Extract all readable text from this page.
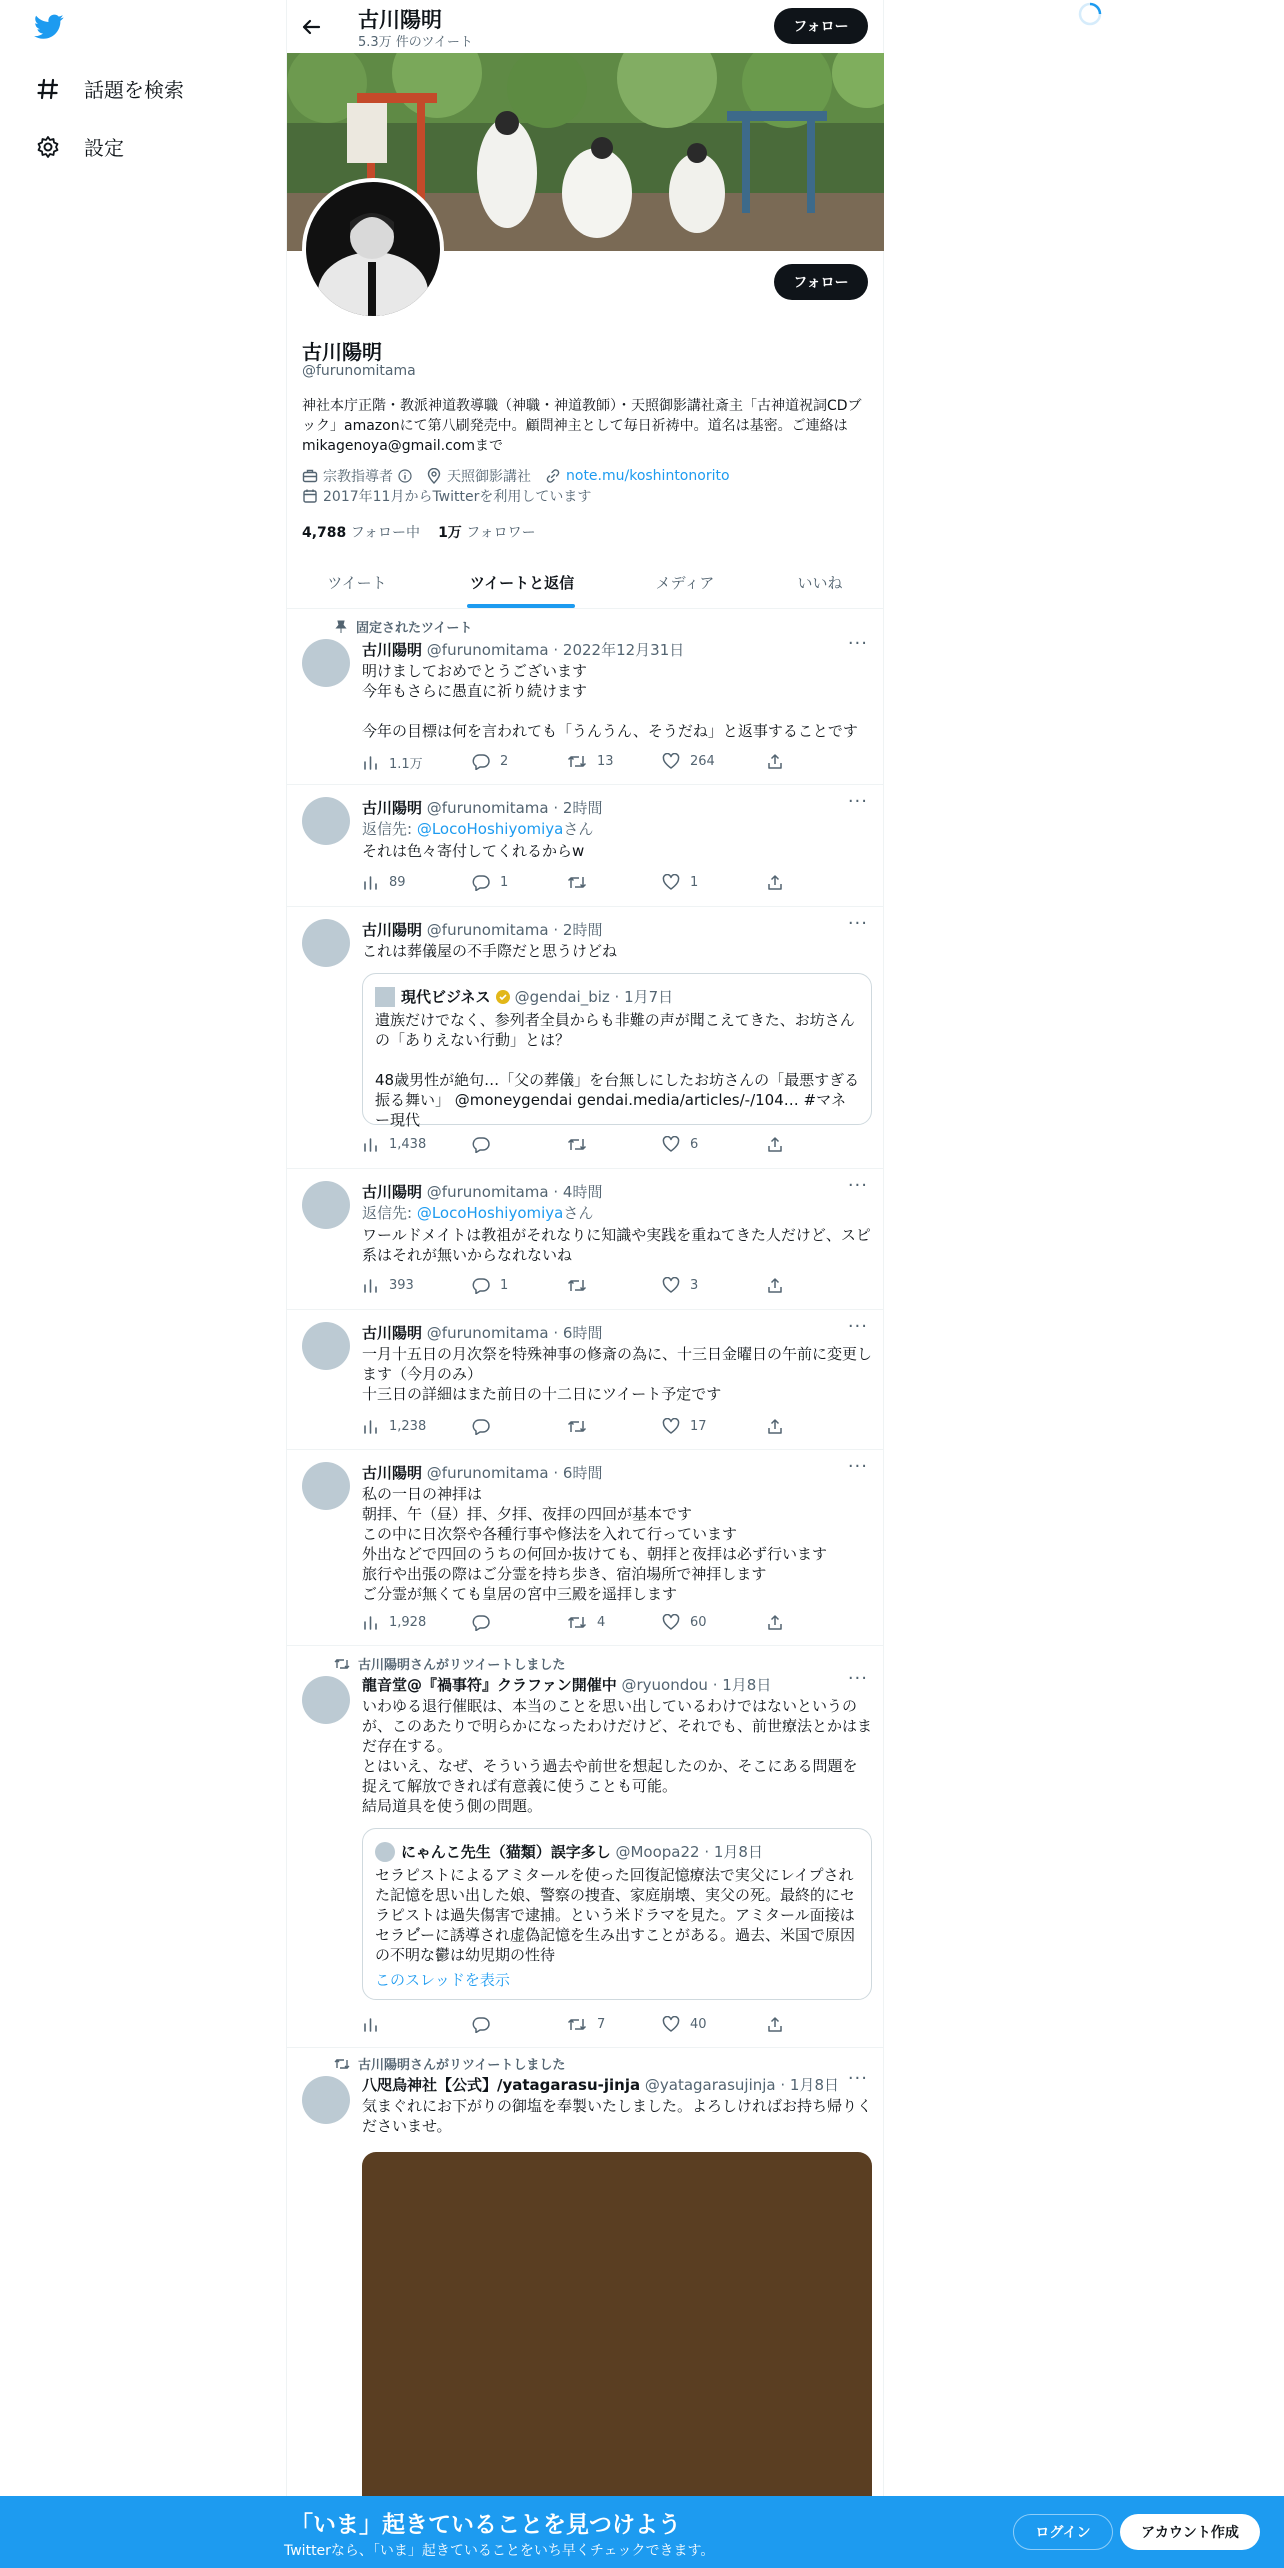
話題を検索
設定
古川陽明
5.3万 件のツイート
フォロー
フォロー
古川陽明
@furunomitama
神社本庁正階・教派神道教導職（神職・神道教師）・天照御影講社斎主「古神道祝詞CDブック」amazonにて第八刷発売中。顧問神主として毎日祈祷中。道名は基密。ご連絡はmikagenoya@gmail.comまで
宗教指導者	天照御影講社	note.mu/koshintonorito
2017年11月からTwitterを利用しています
4,788 フォロー中 1万 フォロワー
ツイート	ツイートと返信	メディア	いいね
固定されたツイート
古川陽明 @furunomitama · 2022年12月31日	···
明けましておめでとうございます
今年もさらに愚直に祈り続けます
今年の目標は何を言われても「うんうん、そうだね」と返事することです
1.1万	2	13	264
古川陽明 @furunomitama · 2時間	···
返信先: @LocoHoshiyomiyaさん
それは色々寄付してくれるからw
89	1	1
古川陽明 @furunomitama · 2時間	···
これは葬儀屋の不手際だと思うけどね
現代ビジネス @gendai_biz · 1月7日
遺族だけでなく、参列者全員からも非難の声が聞こえてきた、お坊さんの「ありえない行動」とは？
48歳男性が絶句…「父の葬儀」を台無しにしたお坊さんの「最悪すぎる振る舞い」 @moneygendai gendai.media/articles/-/104… #マネー現代
1,438	6
古川陽明 @furunomitama · 4時間	···
返信先: @LocoHoshiyomiyaさん
ワールドメイトは教祖がそれなりに知識や実践を重ねてきた人だけど、スピ系はそれが無いからなれないね
393	1	3
古川陽明 @furunomitama · 6時間	···
一月十五日の月次祭を特殊神事の修斎の為に、十三日金曜日の午前に変更します（今月のみ）
十三日の詳細はまた前日の十二日にツイート予定です
1,238	17
古川陽明 @furunomitama · 6時間	···
私の一日の神拝は
朝拝、午（昼）拝、夕拝、夜拝の四回が基本です
この中に日次祭や各種行事や修法を入れて行っています
外出などで四回のうちの何回か抜けても、朝拝と夜拝は必ず行います
旅行や出張の際はご分霊を持ち歩き、宿泊場所で神拝します
ご分霊が無くても皇居の宮中三殿を遥拝します
1,928	4	60
古川陽明さんがリツイートしました
龍音堂@『禍事符』クラファン開催中 @ryuondou · 1月8日	···
いわゆる退行催眠は、本当のことを思い出しているわけではないというのが、このあたりで明らかになったわけだけど、それでも、前世療法とかはまだ存在する。
とはいえ、なぜ、そういう過去や前世を想起したのか、そこにある問題を捉えて解放できれば有意義に使うことも可能。
結局道具を使う側の問題。
にゃんこ先生（猫類）誤字多し
@Moopa22 · 1月8日
セラピストによるアミタールを使った回復記憶療法で実父にレイプされた記憶を思い出した娘、警察の捜査、家庭崩壊、実父の死。最終的にセラピストは過失傷害で逮捕。という米ドラマを見た。アミタール面接はセラピ゙ーに誘導され虚偽記憶を生み出すことがある。過去、米国で原因の不明な鬱は幼児期の性待
このスレッドを表示
7	40
古川陽明さんがリツイートしました
八咫烏神社【公式】/yatagarasu-jinja @yatagarasujinja · 1月8日 ···
気まぐれにお下がりの御塩を奉製いたしました。よろしければお持ち帰りくださいませ。
「いま」起きていることを見つけよう
Twitterなら、「いま」起きていることをいち早くチェックできます。
ログイン	アカウント作成
